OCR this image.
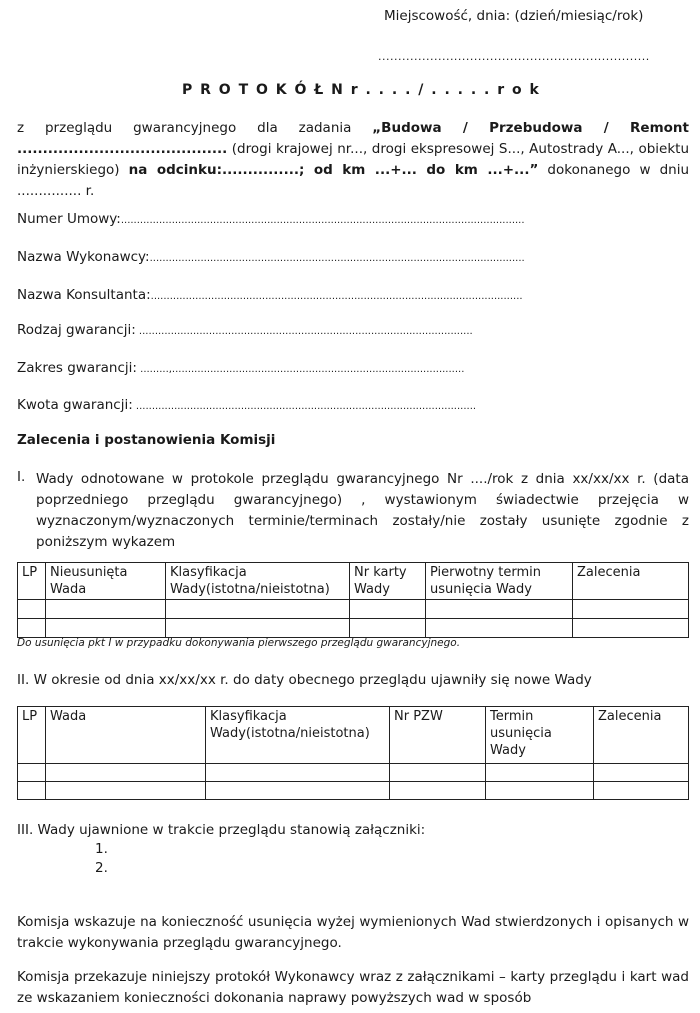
Miejscowość, dnia: (dzień/miesiąc/rok)
....................................................................
P R O T O K Ó Ł N r . . . . / . . . . . r o k
z przeglądu gwarancyjnego dla zadania „Budowa / Przebudowa / Remont ......................................... (drogi krajowej nr..., drogi ekspresowej S..., Autostrady A..., obiektu inżynierskiego) na odcinku:...............; od km ...+... do km ...+...” dokonanego w dniu ............... r.
Numer Umowy:...............................................................................................................................
Nazwa Wykonawcy:......................................................................................................................
Nazwa Konsultanta:.....................................................................................................................
Rodzaj gwarancji: .........................................................................................................
Zakres gwarancji: .........,............................................................................................
Kwota gwarancji: ...........................................................................................................
Zalecenia i postanowienia Komisji
I. Wady odnotowane w protokole przeglądu gwarancyjnego Nr ..../rok z dnia xx/xx/xx r. (data poprzedniego przeglądu gwarancyjnego) , wystawionym świadectwie przejęcia w wyznaczonym/wyznaczonych terminie/terminach zostały/nie zostały usunięte zgodnie z poniższym wykazem
LP	Nieusunięta Wada	Klasyfikacja Wady(istotna/nieistotna)	Nr karty Wady	Pierwotny termin usunięcia Wady	Zalecenia

Do usunięcia pkt I w przypadku dokonywania pierwszego przeglądu gwarancyjnego.
II. W okresie od dnia xx/xx/xx r. do daty obecnego przeglądu ujawniły się nowe Wady
LP	Wada	Klasyfikacja Wady(istotna/nieistotna)	Nr PZW	Termin usunięcia Wady	Zalecenia

III. Wady ujawnione w trakcie przeglądu stanowią załączniki:
1.
2.
Komisja wskazuje na konieczność usunięcia wyżej wymienionych Wad stwierdzonych i opisanych w trakcie wykonywania przeglądu gwarancyjnego.
Komisja przekazuje niniejszy protokół Wykonawcy wraz z załącznikami – karty przeglądu i kart wad ze wskazaniem konieczności dokonania naprawy powyższych wad w sposób
